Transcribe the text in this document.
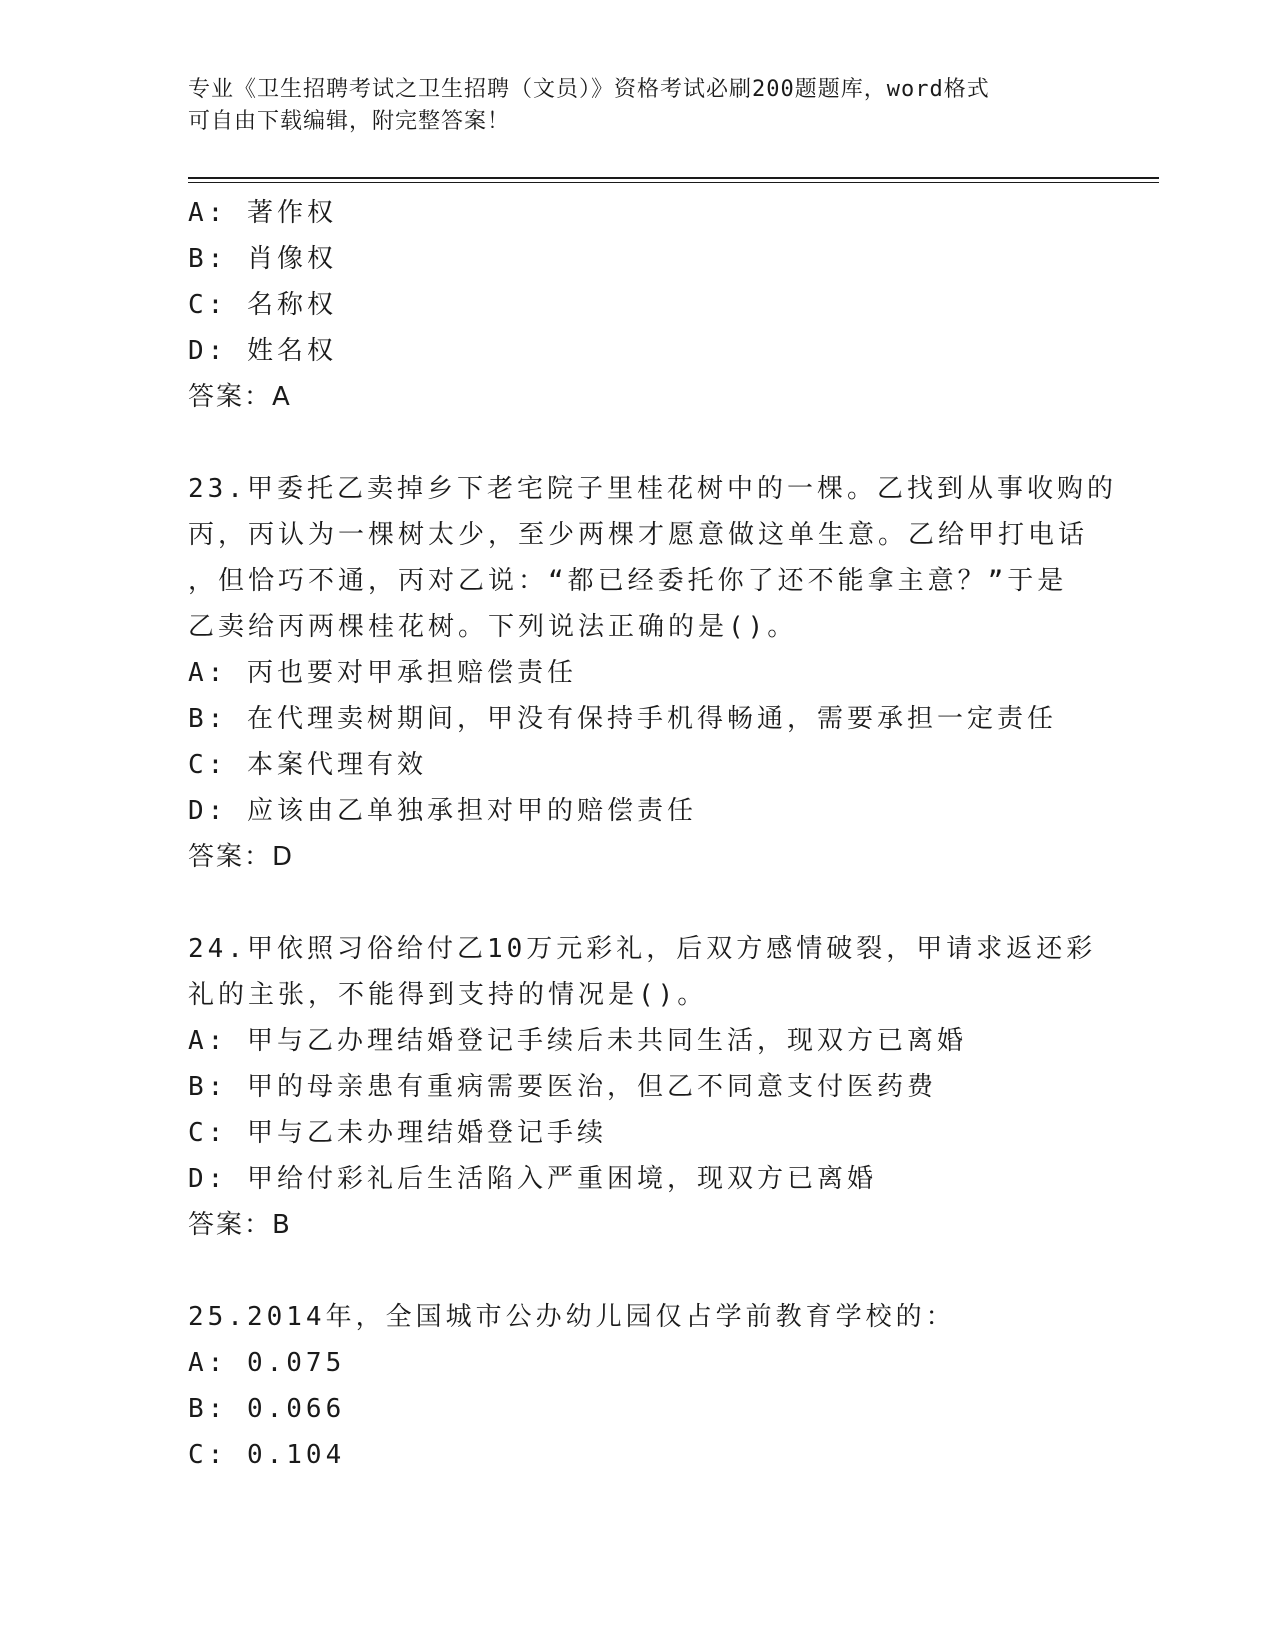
专业《卫生招聘考试之卫生招聘（文员）》资格考试必刷200题题库，word格式
可自由下载编辑，附完整答案！
A: 著作权
B: 肖像权
C: 名称权
D: 姓名权
答案：A
23.甲委托乙卖掉乡下老宅院子里桂花树中的一棵。乙找到从事收购的
丙，丙认为一棵树太少，至少两棵才愿意做这单生意。乙给甲打电话
，但恰巧不通，丙对乙说：“都已经委托你了还不能拿主意？”于是
乙卖给丙两棵桂花树。下列说法正确的是()。
A: 丙也要对甲承担赔偿责任
B: 在代理卖树期间，甲没有保持手机得畅通，需要承担一定责任
C: 本案代理有效
D: 应该由乙单独承担对甲的赔偿责任
答案：D
24.甲依照习俗给付乙10万元彩礼，后双方感情破裂，甲请求返还彩
礼的主张，不能得到支持的情况是()。
A: 甲与乙办理结婚登记手续后未共同生活，现双方已离婚
B: 甲的母亲患有重病需要医治，但乙不同意支付医药费
C: 甲与乙未办理结婚登记手续
D: 甲给付彩礼后生活陷入严重困境，现双方已离婚
答案：B
25.2014年，全国城市公办幼儿园仅占学前教育学校的：
A: 0.075
B: 0.066
C: 0.104
